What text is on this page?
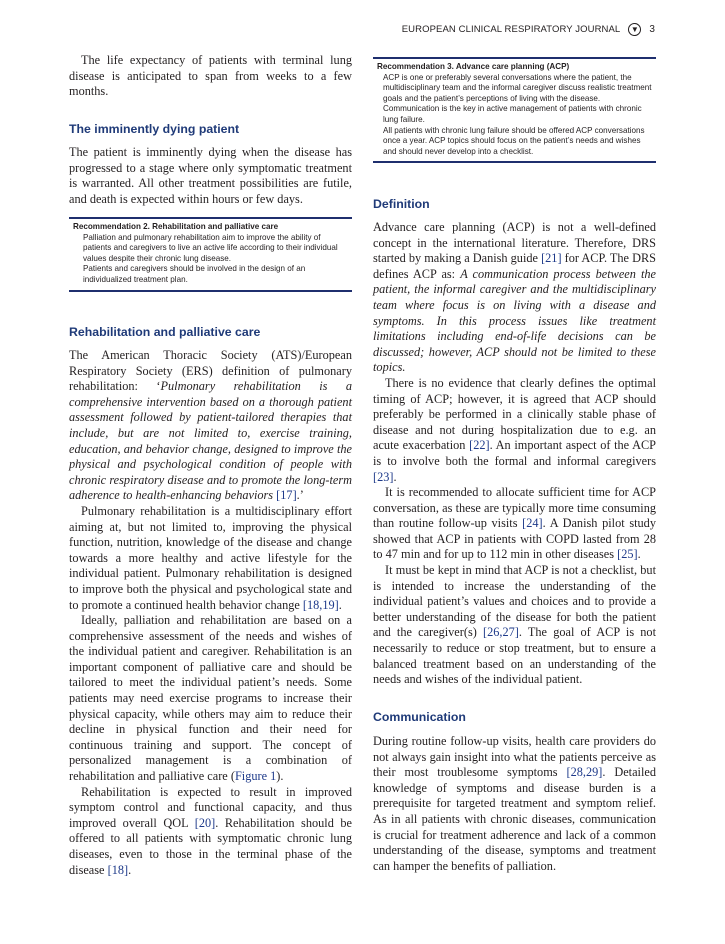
EUROPEAN CLINICAL RESPIRATORY JOURNAL	▼ 3

The life expectancy of patients with terminal lung disease is anticipated to span from weeks to a few months.

The imminently dying patient

The patient is imminently dying when the disease has progressed to a stage where only symptomatic treatment is warranted. All other treatment possibilities are futile, and death is expected within hours or few days.

Recommendation 2. Rehabilitation and palliative care
Palliation and pulmonary rehabilitation aim to improve the ability of patients and caregivers to live an active life according to their individual values despite their chronic lung disease.
Patients and caregivers should be involved in the design of an individualized treatment plan.
Rehabilitation and palliative care

The American Thoracic Society (ATS)/European Respiratory Society (ERS) definition of pulmonary rehabilitation: ‘Pulmonary rehabilitation is a comprehensive intervention based on a thorough patient assessment followed by patient-tailored therapies that include, but are not limited to, exercise training, education, and behavior change, designed to improve the physical and psychological condition of people with chronic respiratory disease and to promote the long-term adherence to health-enhancing behaviors [17].’

Pulmonary rehabilitation is a multidisciplinary effort aiming at, but not limited to, improving the physical function, nutrition, knowledge of the disease and change towards a more healthy and active lifestyle for the individual patient. Pulmonary rehabilitation is designed to improve both the physical and psychological state and to promote a continued health behavior change [18,19].

Ideally, palliation and rehabilitation are based on a comprehensive assessment of the needs and wishes of the individual patient and caregiver. Rehabilitation is an important component of palliative care and should be tailored to meet the individual patient’s needs. Some patients may need exercise programs to increase their physical capacity, while others may aim to reduce their decline in physical function and their need for continuous training and support. The concept of personalized management is a combination of rehabilitation and palliative care (Figure 1).

Rehabilitation is expected to result in improved symptom control and functional capacity, and thus improved overall QOL [20]. Rehabilitation should be offered to all patients with symptomatic chronic lung diseases, even to those in the terminal phase of the disease [18].

Recommendation 3. Advance care planning (ACP)
ACP is one or preferably several conversations where the patient, the multidisciplinary team and the informal caregiver discuss realistic treatment goals and the patient’s perceptions of living with the disease.
Communication is the key in active management of patients with chronic lung failure.
All patients with chronic lung failure should be offered ACP conversations once a year. ACP topics should focus on the patient’s needs and wishes and should never develop into a checklist.
Definition

Advance care planning (ACP) is not a well-defined concept in the international literature. Therefore, DRS started by making a Danish guide [21] for ACP. The DRS defines ACP as: A communication process between the patient, the informal caregiver and the multidisciplinary team where focus is on living with a disease and symptoms. In this process issues like treatment limitations including end-of-life decisions can be discussed; however, ACP should not be limited to these topics.

There is no evidence that clearly defines the optimal timing of ACP; however, it is agreed that ACP should preferably be performed in a clinically stable phase of disease and not during hospitalization due to e.g. an acute exacerbation [22]. An important aspect of the ACP is to involve both the formal and informal caregivers [23].

It is recommended to allocate sufficient time for ACP conversation, as these are typically more time consuming than routine follow-up visits [24]. A Danish pilot study showed that ACP in patients with COPD lasted from 28 to 47 min and for up to 112 min in other diseases [25].

It must be kept in mind that ACP is not a checklist, but is intended to increase the understanding of the individual patient’s values and choices and to provide a better understanding of the disease for both the patient and the caregiver(s) [26,27]. The goal of ACP is not necessarily to reduce or stop treatment, but to ensure a balanced treatment based on an understanding of the needs and wishes of the individual patient.

Communication

During routine follow-up visits, health care providers do not always gain insight into what the patients perceive as their most troublesome symptoms [28,29]. Detailed knowledge of symptoms and disease burden is a prerequisite for targeted treatment and symptom relief. As in all patients with chronic diseases, communication is crucial for treatment adherence and lack of a common understanding of the disease, symptoms and treatment can hamper the benefits of palliation.
